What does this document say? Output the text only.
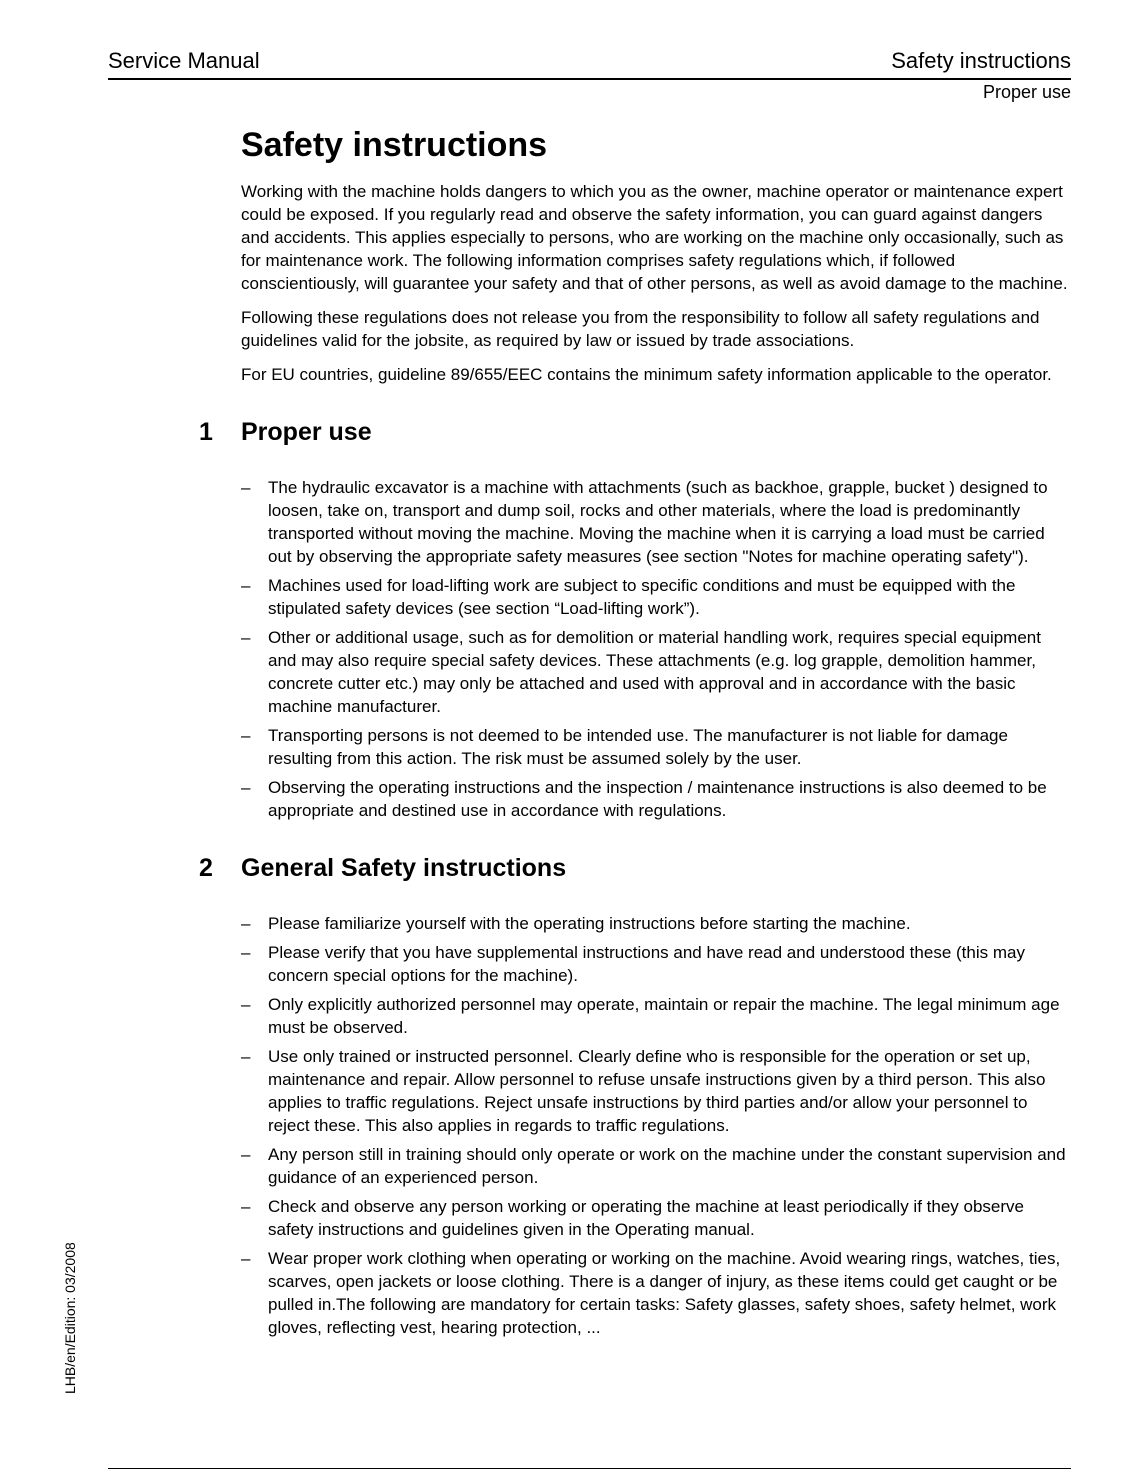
Service Manual	Safety instructions
Proper use
Safety instructions

Working with the machine holds dangers to which you as the owner, machine operator or maintenance expert could be exposed. If you regularly read and observe the safety information, you can guard against dangers and accidents. This applies especially to persons, who are working on the machine only occasionally, such as for maintenance work. The following information comprises safety regulations which, if followed conscientiously, will guarantee your safety and that of other persons, as well as avoid damage to the machine.

Following these regulations does not release you from the responsibility to follow all safety regulations and guidelines valid for the jobsite, as required by law or issued by trade associations.

For EU countries, guideline 89/655/EEC contains the minimum safety information applicable to the operator.

1 Proper use
– The hydraulic excavator is a machine with attachments (such as backhoe, grapple, bucket ) designed to loosen, take on, transport and dump soil, rocks and other materials, where the load is predominantly transported without moving the machine. Moving the machine when it is carrying a load must be carried out by observing the appropriate safety measures (see section "Notes for machine operating safety").
– Machines used for load-lifting work are subject to specific conditions and must be equipped with the stipulated safety devices (see section “Load-lifting work”).
– Other or additional usage, such as for demolition or material handling work, requires special equipment and may also require special safety devices. These attachments (e.g. log grapple, demolition hammer, concrete cutter etc.) may only be attached and used with approval and in accordance with the basic machine manufacturer.
– Transporting persons is not deemed to be intended use. The manufacturer is not liable for damage resulting from this action. The risk must be assumed solely by the user.
– Observing the operating instructions and the inspection / maintenance instructions is also deemed to be appropriate and destined use in accordance with regulations.
2 General Safety instructions
– Please familiarize yourself with the operating instructions before starting the machine.
– Please verify that you have supplemental instructions and have read and understood these (this may concern special options for the machine).
– Only explicitly authorized personnel may operate, maintain or repair the machine. The legal minimum age must be observed.
– Use only trained or instructed personnel. Clearly define who is responsible for the operation or set up, maintenance and repair. Allow personnel to refuse unsafe instructions given by a third person. This also applies to traffic regulations. Reject unsafe instructions by third parties and/or allow your personnel to reject these. This also applies in regards to traffic regulations.
– Any person still in training should only operate or work on the machine under the constant supervision and guidance of an experienced person.
– Check and observe any person working or operating the machine at least periodically if they observe safety instructions and guidelines given in the Operating manual.
– Wear proper work clothing when operating or working on the machine. Avoid wearing rings, watches, ties, scarves, open jackets or loose clothing. There is a danger of injury, as these items could get caught or be pulled in.The following are mandatory for certain tasks: Safety glasses, safety shoes, safety helmet, work gloves, reflecting vest, hearing protection, ...
LHB/en/Edition: 03/2008
